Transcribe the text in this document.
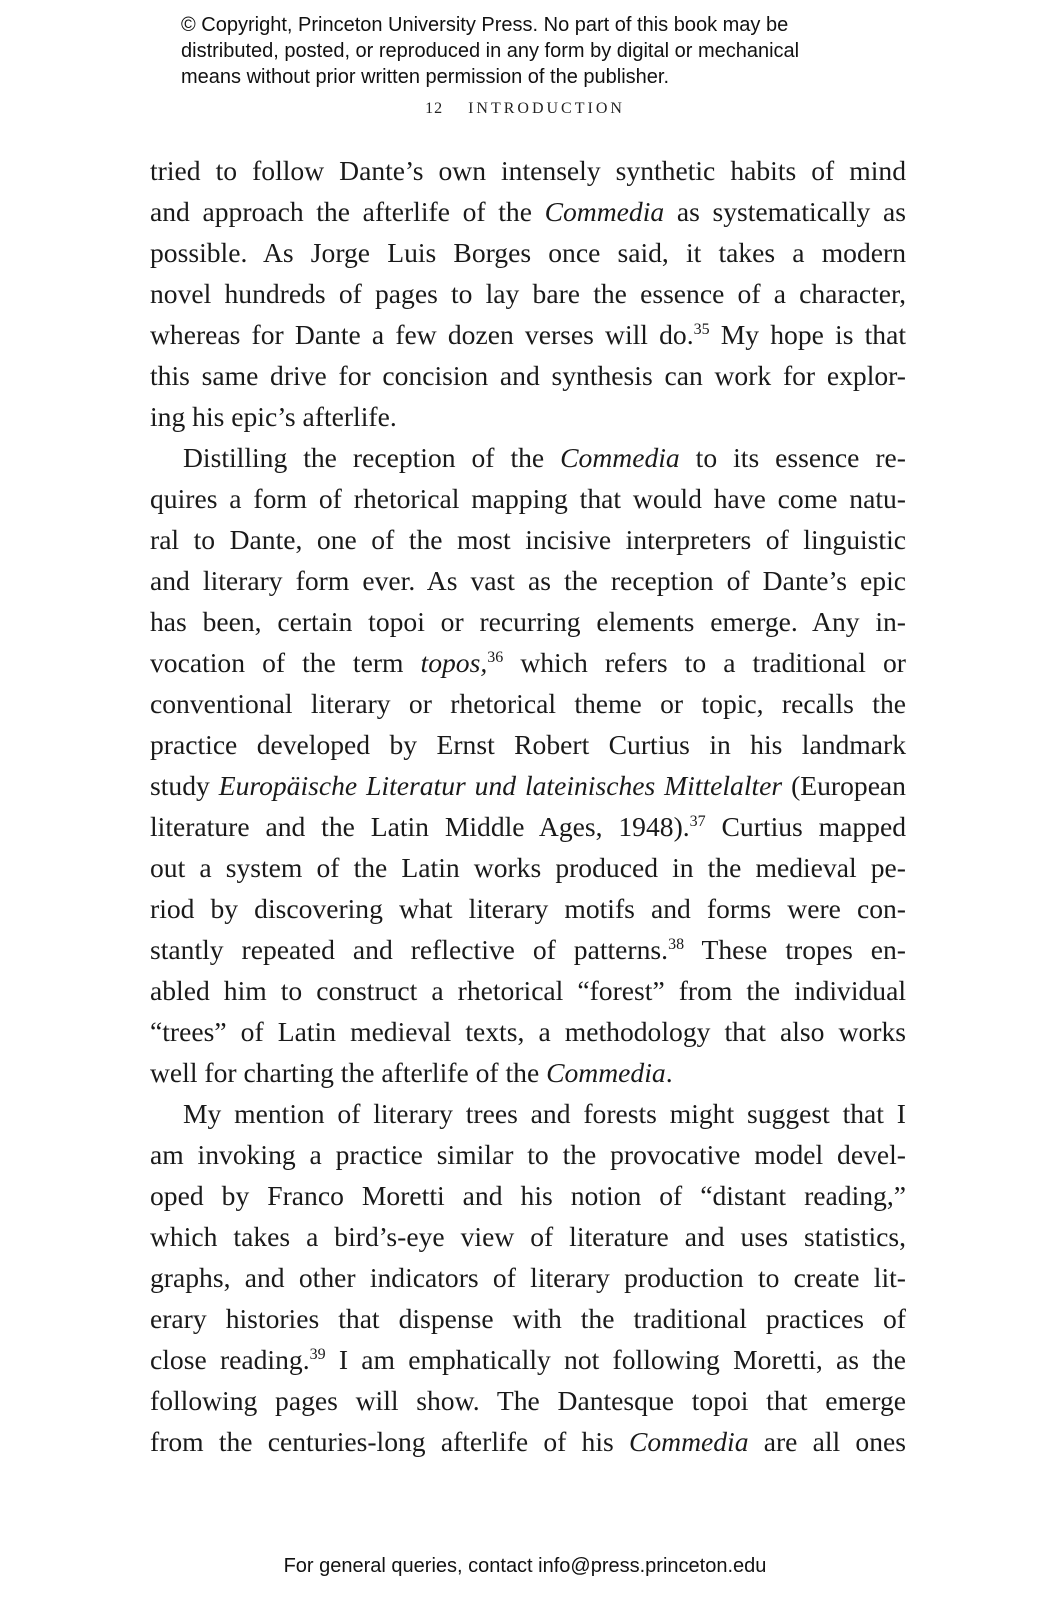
© Copyright, Princeton University Press. No part of this book may be
distributed, posted, or reproduced in any form by digital or mechanical
means without prior written permission of the publisher.
12 INTRODUCTION
tried to follow Dante’s own intensely synthetic habits of mind
and approach the afterlife of the Commedia as systematically as
possible. As Jorge Luis Borges once said, it takes a modern
novel hundreds of pages to lay bare the essence of a character,
whereas for Dante a few dozen verses will do.$^{35}$ My hope is that
this same drive for concision and synthesis can work for explor-
ing his epic’s afterlife.
Distilling the reception of the Commedia to its essence re-
quires a form of rhetorical mapping that would have come natu-
ral to Dante, one of the most incisive interpreters of linguistic
and literary form ever. As vast as the reception of Dante’s epic
has been, certain topoi or recurring elements emerge. Any in-
vocation of the term topos,$^{36}$ which refers to a traditional or
conventional literary or rhetorical theme or topic, recalls the
practice developed by Ernst Robert Curtius in his landmark
study Europäische Literatur und lateinisches Mittelalter (European
literature and the Latin Middle Ages, 1948).$^{37}$ Curtius mapped
out a system of the Latin works produced in the medieval pe-
riod by discovering what literary motifs and forms were con-
stantly repeated and reflective of patterns.$^{38}$ These tropes en-
abled him to construct a rhetorical “forest” from the individual
“trees” of Latin medieval texts, a methodology that also works
well for charting the afterlife of the Commedia.
My mention of literary trees and forests might suggest that I
am invoking a practice similar to the provocative model devel-
oped by Franco Moretti and his notion of “distant reading,”
which takes a bird’s-eye view of literature and uses statistics,
graphs, and other indicators of literary production to create lit-
erary histories that dispense with the traditional practices of
close reading.$^{39}$ I am emphatically not following Moretti, as the
following pages will show. The Dantesque topoi that emerge
from the centuries-long afterlife of his Commedia are all ones
For general queries, contact info@press.princeton.edu
